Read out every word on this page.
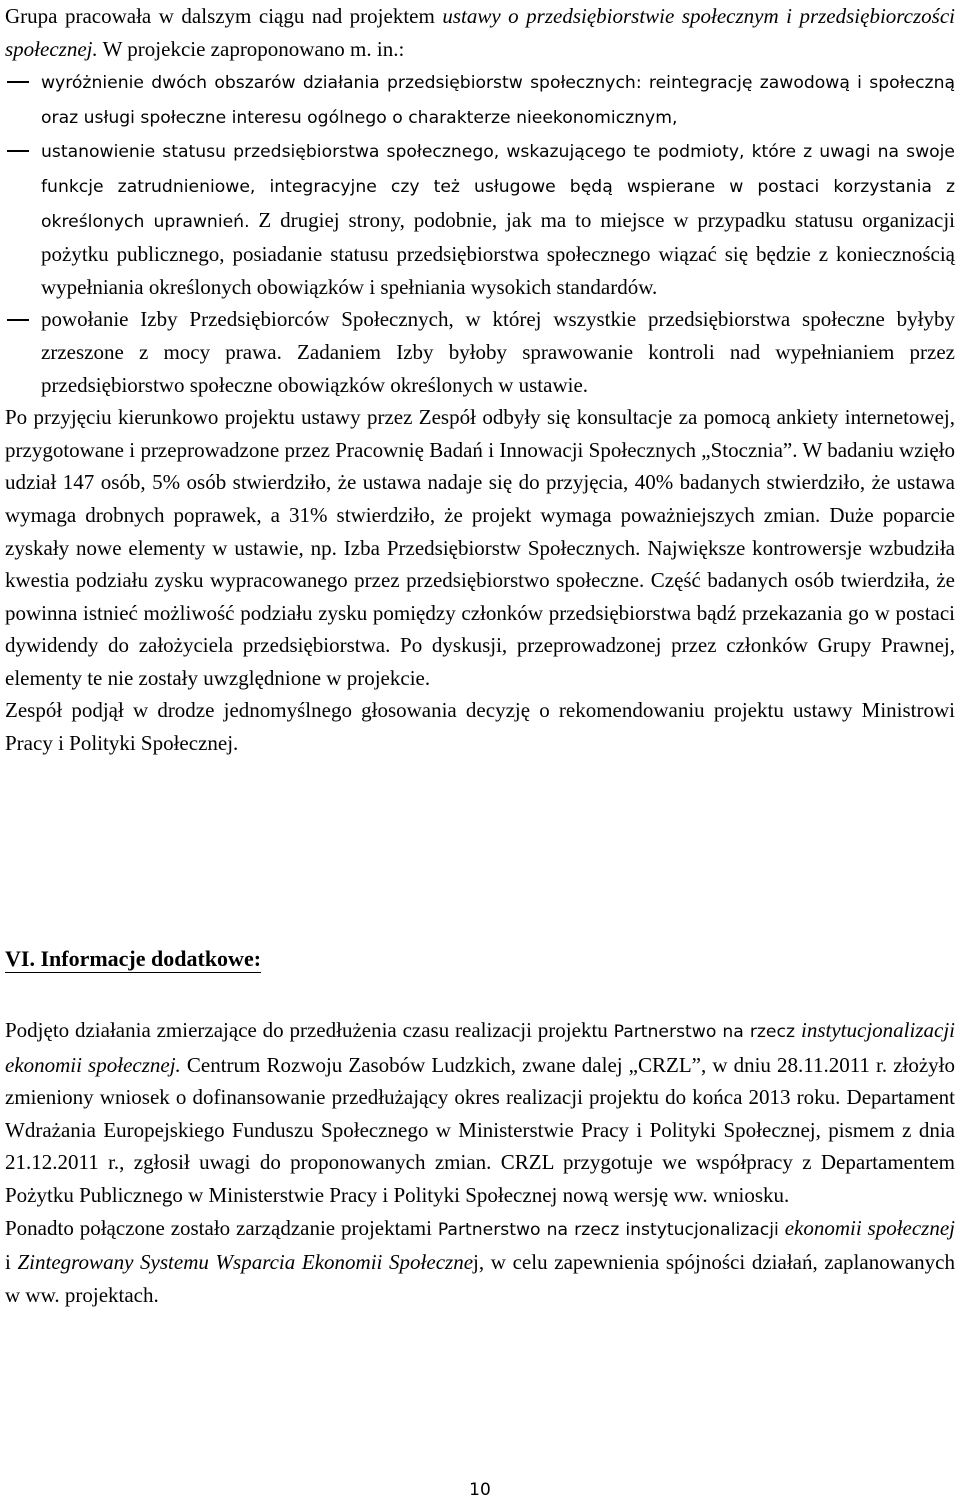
Grupa pracowała w dalszym ciągu nad projektem ustawy o przedsiębiorstwie społecznym i przedsiębiorczości społecznej. W projekcie zaproponowano m. in.:

wyróżnienie dwóch obszarów działania przedsiębiorstw społecznych: reintegrację zawodową i społeczną oraz usługi społeczne interesu ogólnego o charakterze nieekonomicznym,
ustanowienie statusu przedsiębiorstwa społecznego, wskazującego te podmioty, które z uwagi na swoje funkcje zatrudnieniowe, integracyjne czy też usługowe będą wspierane w postaci korzystania z określonych uprawnień. Z drugiej strony, podobnie, jak ma to miejsce w przypadku statusu organizacji pożytku publicznego, posiadanie statusu przedsiębiorstwa społecznego wiązać się będzie z koniecznością wypełniania określonych obowiązków i spełniania wysokich standardów.
powołanie Izby Przedsiębiorców Społecznych, w której wszystkie przedsiębiorstwa społeczne byłyby zrzeszone z mocy prawa. Zadaniem Izby byłoby sprawowanie kontroli nad wypełnianiem przez przedsiębiorstwo społeczne obowiązków określonych w ustawie.

Po przyjęciu kierunkowo projektu ustawy przez Zespół odbyły się konsultacje za pomocą ankiety internetowej, przygotowane i przeprowadzone przez Pracownię Badań i Innowacji Społecznych „Stocznia”. W badaniu wzięło udział 147 osób, 5% osób stwierdziło, że ustawa nadaje się do przyjęcia, 40% badanych stwierdziło, że ustawa wymaga drobnych poprawek, a 31% stwierdziło, że projekt wymaga poważniejszych zmian. Duże poparcie zyskały nowe elementy w ustawie, np. Izba Przedsiębiorstw Społecznych. Największe kontrowersje wzbudziła kwestia podziału zysku wypracowanego przez przedsiębiorstwo społeczne. Część badanych osób twierdziła, że powinna istnieć możliwość podziału zysku pomiędzy członków przedsiębiorstwa bądź przekazania go w postaci dywidendy do założyciela przedsiębiorstwa. Po dyskusji, przeprowadzonej przez członków Grupy Prawnej, elementy te nie zostały uwzględnione w projekcie.

Zespół podjął w drodze jednomyślnego głosowania decyzję o rekomendowaniu projektu ustawy Ministrowi Pracy i Polityki Społecznej.

VI. Informacje dodatkowe:

Podjęto działania zmierzające do przedłużenia czasu realizacji projektu Partnerstwo na rzecz instytucjonalizacji ekonomii społecznej. Centrum Rozwoju Zasobów Ludzkich, zwane dalej „CRZL”, w dniu 28.11.2011 r. złożyło zmieniony wniosek o dofinansowanie przedłużający okres realizacji projektu do końca 2013 roku. Departament Wdrażania Europejskiego Funduszu Społecznego w Ministerstwie Pracy i Polityki Społecznej, pismem z dnia 21.12.2011 r., zgłosił uwagi do proponowanych zmian. CRZL przygotuje we współpracy z Departamentem Pożytku Publicznego w Ministerstwie Pracy i Polityki Społecznej nową wersję ww. wniosku.

Ponadto połączone zostało zarządzanie projektami Partnerstwo na rzecz instytucjonalizacji ekonomii społecznej i Zintegrowany Systemu Wsparcia Ekonomii Społecznej, w celu zapewnienia spójności działań, zaplanowanych w ww. projektach.

10
